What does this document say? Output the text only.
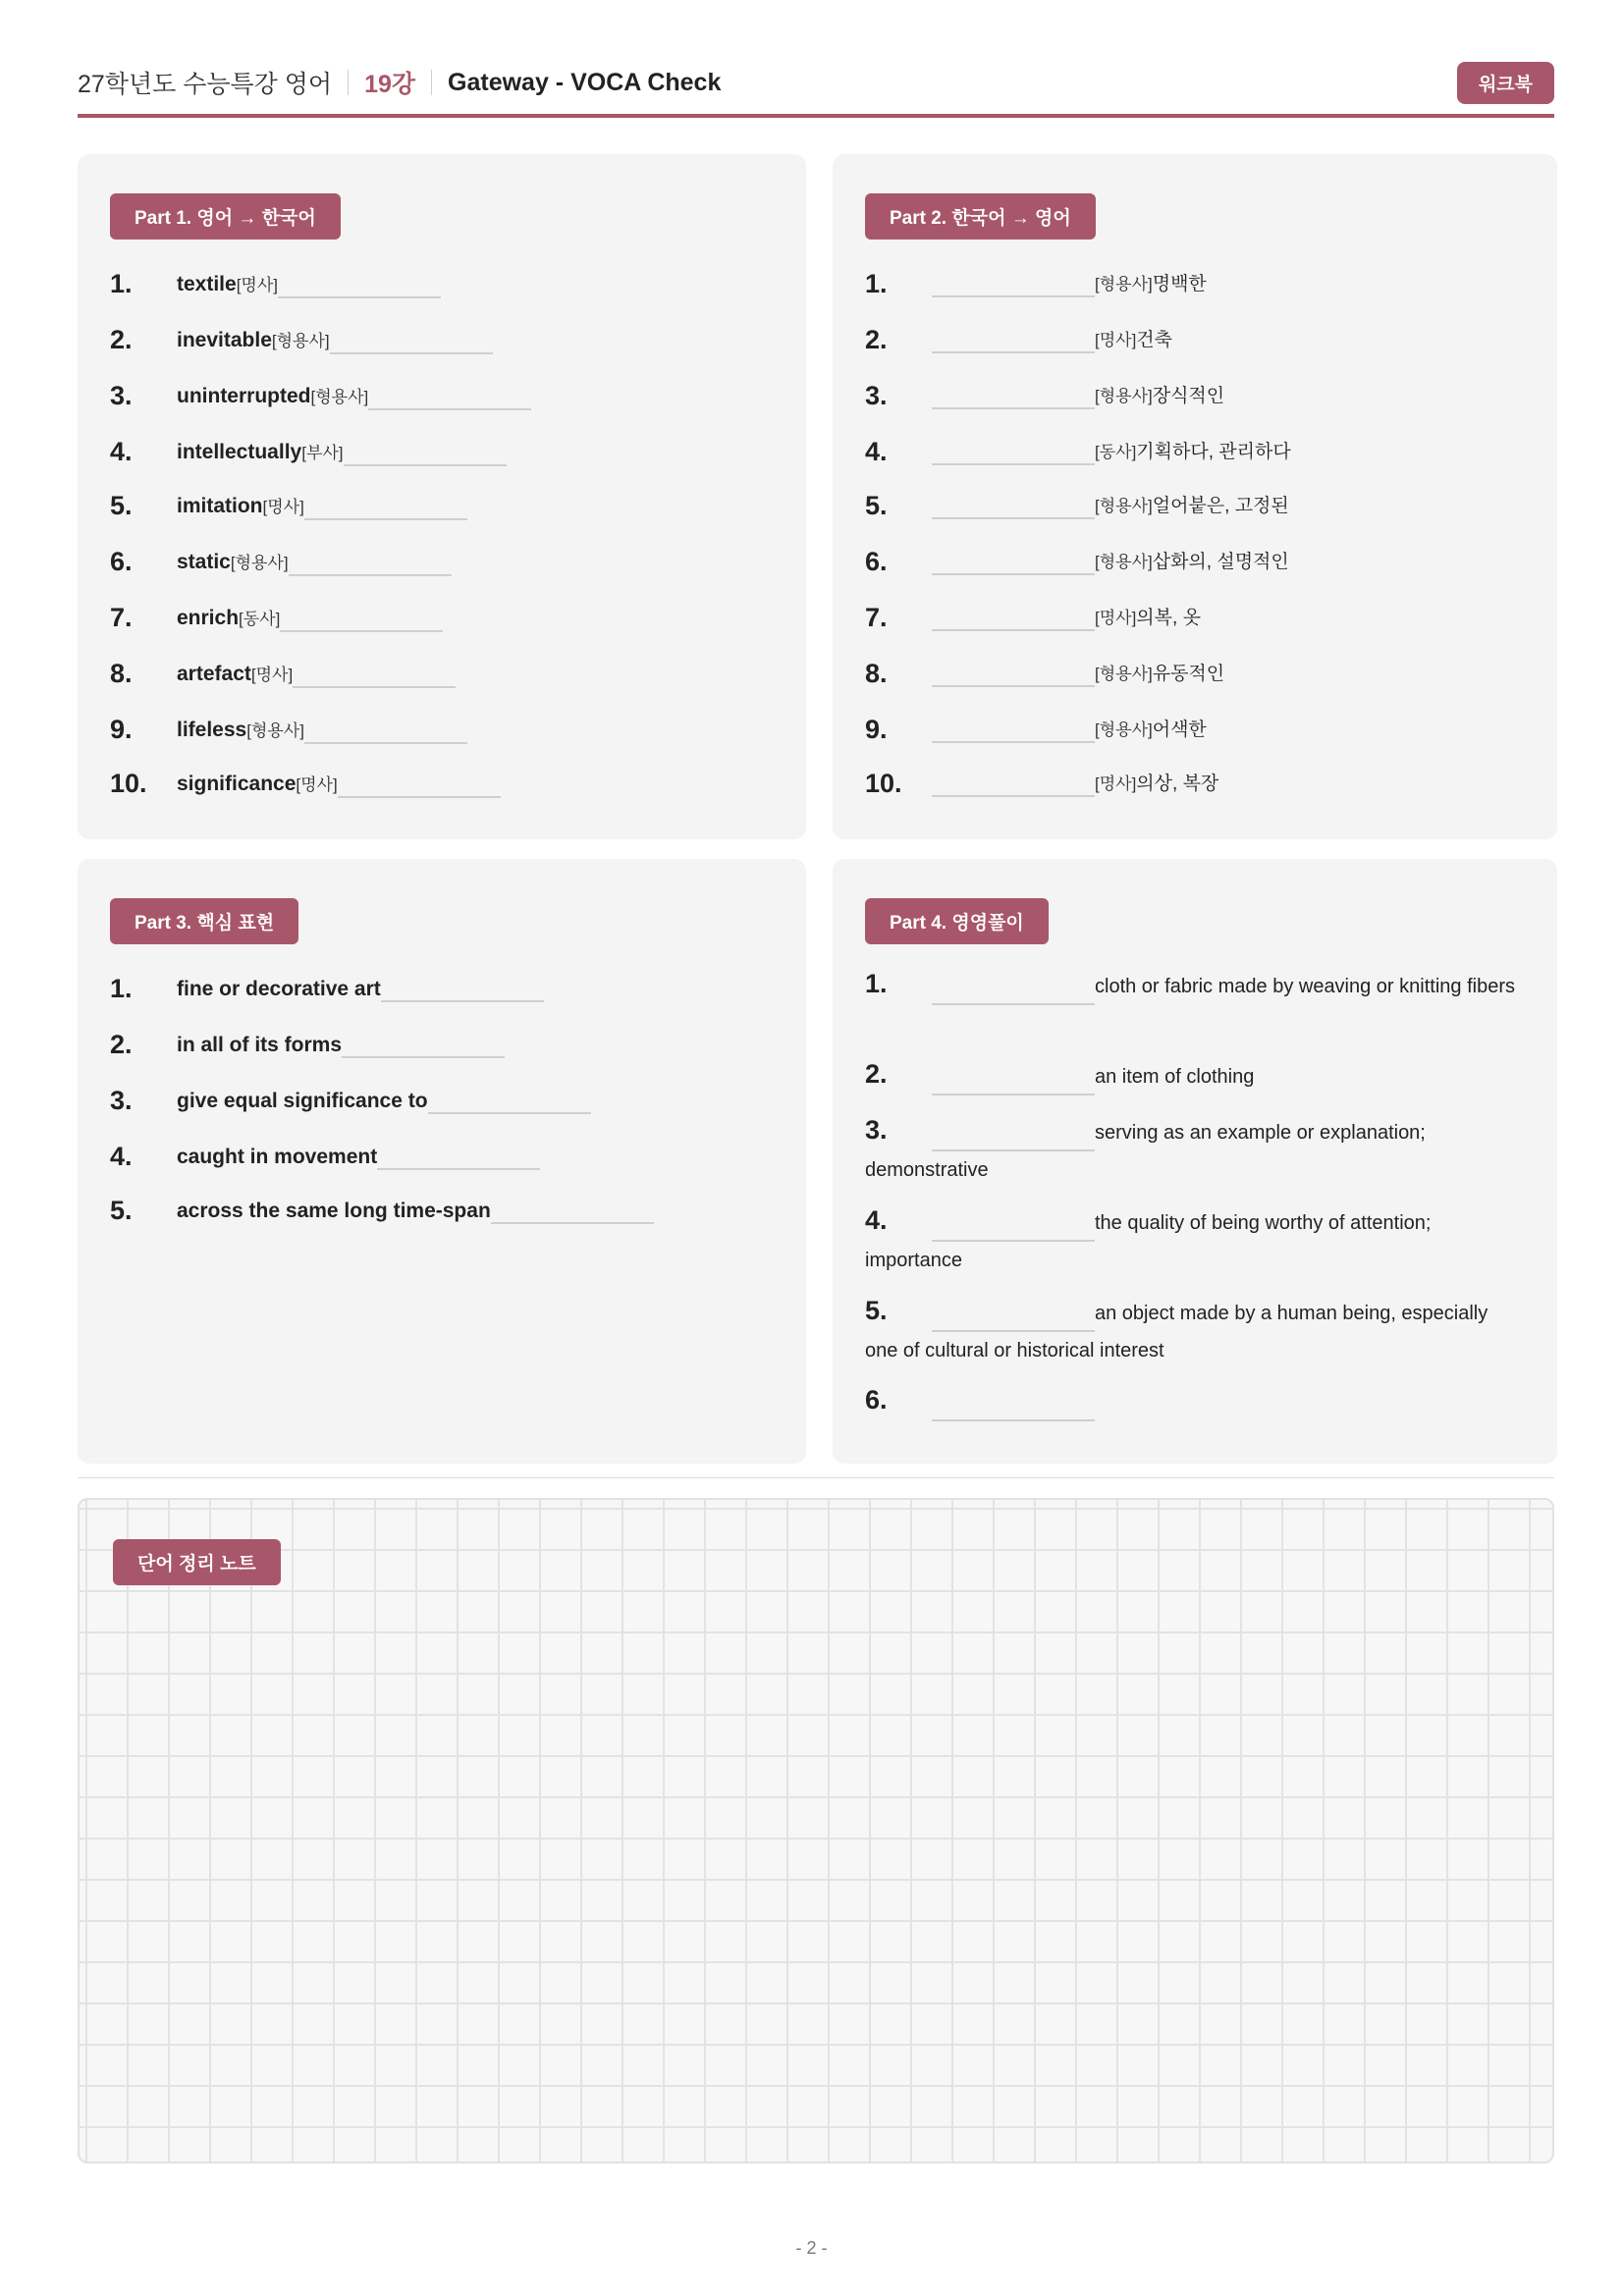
27학년도 수능특강 영어 19강 Gateway - VOCA Check	워크북
Part 1. 영어 → 한국어
1. textile[명사]
2. inevitable[형용사]
3. uninterrupted[형용사]
4. intellectually[부사]
5. imitation[명사]
6. static[형용사]
7. enrich[동사]
8. artefact[명사]
9. lifeless[형용사]
10. significance[명사]
Part 2. 한국어 → 영어
1.	[형용사]명백한
2.	[명사]건축
3.	[형용사]장식적인
4.	[동사]기획하다, 관리하다
5.	[형용사]얼어붙은, 고정된
6.	[형용사]삽화의, 설명적인
7.	[명사]의복, 옷
8.	[형용사]유동적인
9.	[형용사]어색한
10.	[명사]의상, 복장
Part 3. 핵심 표현
1. fine or decorative art
2. in all of its forms
3. give equal significance to
4. caught in movement
5. across the same long time-span
Part 4. 영영풀이
1.	cloth or fabric made by weaving or knitting fibers
2.	an item of clothing
3.	serving as an example or explanation; demonstrative
4.	the quality of being worthy of attention; importance
5.	an object made by a human being, especially one of cultural or historical interest
6.
단어 정리 노트
- 2 -
